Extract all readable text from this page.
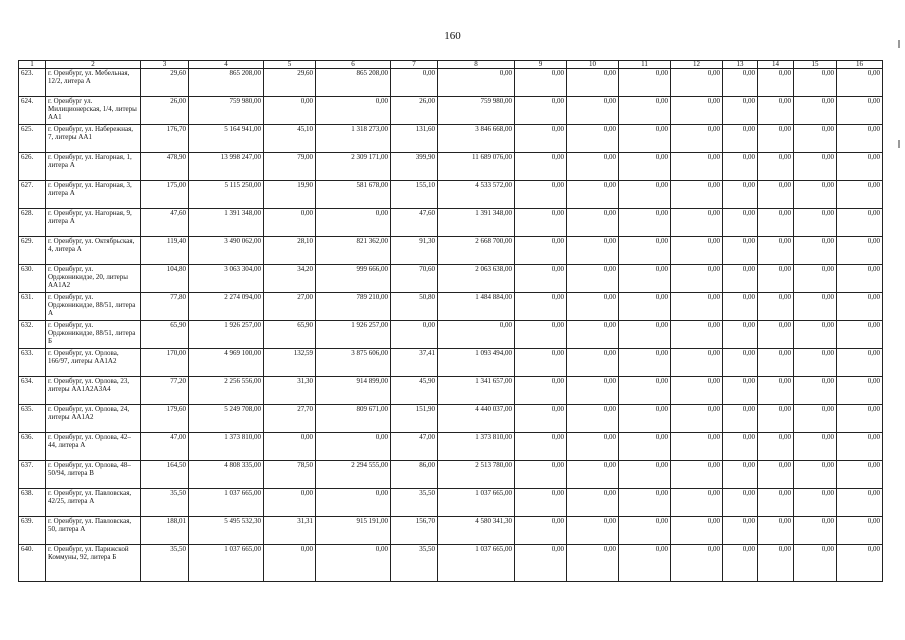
160
1	2	3	4	5	6	7	8	9	10	11	12	13	14	15	16
623.	г. Оренбург, ул. Мебельная, 12/2, литера А	29,60	865 208,00	29,60	865 208,00	0,00	0,00	0,00	0,00	0,00	0,00	0,00	0,00	0,00	0,00
624.	г. Оренбург ул. Милиционерская, 1/4, литеры АА1	26,00	759 980,00	0,00	0,00	26,00	759 980,00	0,00	0,00	0,00	0,00	0,00	0,00	0,00	0,00
625.	г. Оренбург, ул. Набережная, 7, литеры АА1	176,70	5 164 941,00	45,10	1 318 273,00	131,60	3 846 668,00	0,00	0,00	0,00	0,00	0,00	0,00	0,00	0,00
626.	г. Оренбург, ул. Нагорная, 1, литера А	478,90	13 998 247,00	79,00	2 309 171,00	399,90	11 689 076,00	0,00	0,00	0,00	0,00	0,00	0,00	0,00	0,00
627.	г. Оренбург, ул. Нагорная, 3, литера А	175,00	5 115 250,00	19,90	581 678,00	155,10	4 533 572,00	0,00	0,00	0,00	0,00	0,00	0,00	0,00	0,00
628.	г. Оренбург, ул. Нагорная, 9, литера А	47,60	1 391 348,00	0,00	0,00	47,60	1 391 348,00	0,00	0,00	0,00	0,00	0,00	0,00	0,00	0,00
629.	г. Оренбург, ул. Октябрьская, 4, литера А	119,40	3 490 062,00	28,10	821 362,00	91,30	2 668 700,00	0,00	0,00	0,00	0,00	0,00	0,00	0,00	0,00
630.	г. Оренбург, ул. Орджоникидзе, 20, литеры АА1А2	104,80	3 063 304,00	34,20	999 666,00	70,60	2 063 638,00	0,00	0,00	0,00	0,00	0,00	0,00	0,00	0,00
631.	г. Оренбург, ул. Орджоникидзе, 88/51, литера А	77,80	2 274 094,00	27,00	789 210,00	50,80	1 484 884,00	0,00	0,00	0,00	0,00	0,00	0,00	0,00	0,00
632.	г. Оренбург, ул. Орджоникидзе, 88/51, литера Б	65,90	1 926 257,00	65,90	1 926 257,00	0,00	0,00	0,00	0,00	0,00	0,00	0,00	0,00	0,00	0,00
633.	г. Оренбург, ул. Орлова, 166/97, литеры АА1А2	170,00	4 969 100,00	132,59	3 875 606,00	37,41	1 093 494,00	0,00	0,00	0,00	0,00	0,00	0,00	0,00	0,00
634.	г. Оренбург, ул. Орлова, 23, литеры АА1А2А3А4	77,20	2 256 556,00	31,30	914 899,00	45,90	1 341 657,00	0,00	0,00	0,00	0,00	0,00	0,00	0,00	0,00
635.	г. Оренбург, ул. Орлова, 24, литеры АА1А2	179,60	5 249 708,00	27,70	809 671,00	151,90	4 440 037,00	0,00	0,00	0,00	0,00	0,00	0,00	0,00	0,00
636.	г. Оренбург, ул. Орлова, 42–44, литера А	47,00	1 373 810,00	0,00	0,00	47,00	1 373 810,00	0,00	0,00	0,00	0,00	0,00	0,00	0,00	0,00
637.	г. Оренбург, ул. Орлова, 48–50/94, литера В	164,50	4 808 335,00	78,50	2 294 555,00	86,00	2 513 780,00	0,00	0,00	0,00	0,00	0,00	0,00	0,00	0,00
638.	г. Оренбург, ул. Павловская, 42/25, литера А	35,50	1 037 665,00	0,00	0,00	35,50	1 037 665,00	0,00	0,00	0,00	0,00	0,00	0,00	0,00	0,00
639.	г. Оренбург, ул. Павловская, 50, литера А	188,01	5 495 532,30	31,31	915 191,00	156,70	4 580 341,30	0,00	0,00	0,00	0,00	0,00	0,00	0,00	0,00
640.	г. Оренбург, ул. Парижской Коммуны, 92, литера Б	35,50	1 037 665,00	0,00	0,00	35,50	1 037 665,00	0,00	0,00	0,00	0,00	0,00	0,00	0,00	0,00
